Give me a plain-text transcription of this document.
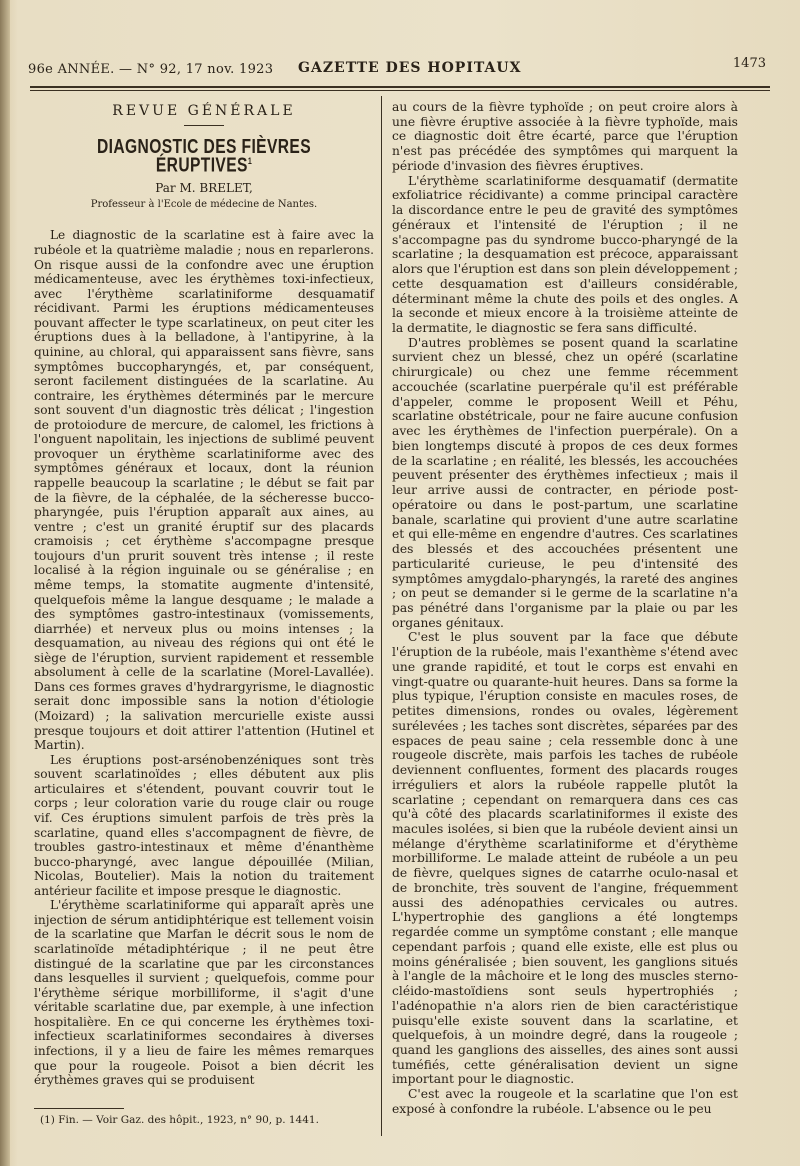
96e ANNÉE. — N° 92, 17 nov. 1923 GAZETTE DES HOPITAUX	1473
REVUE GÉNÉRALE
DIAGNOSTIC DES FIÈVRES ÉRUPTIVES$^1$
Par M. BRELET,
Professeur à l'Ecole de médecine de Nantes.

Le diagnostic de la scarlatine est à faire avec la rubéole et la quatrième maladie ; nous en reparlerons. On risque aussi de la confondre avec une éruption médicamenteuse, avec les érythèmes toxi-infectieux, avec l'érythème scarlatiniforme desquamatif récidivant. Parmi les éruptions médicamenteuses pouvant affecter le type scarlatineux, on peut citer les éruptions dues à la belladone, à l'antipyrine, à la quinine, au chloral, qui apparaissent sans fièvre, sans symptômes buccopharyngés, et, par conséquent, seront facilement distinguées de la scarlatine. Au contraire, les érythèmes déterminés par le mercure sont souvent d'un diagnostic très délicat ; l'ingestion de protoiodure de mercure, de calomel, les frictions à l'onguent napolitain, les injections de sublimé peuvent provoquer un érythème scarlatiniforme avec des symptômes généraux et locaux, dont la réunion rappelle beaucoup la scarlatine ; le début se fait par de la fièvre, de la céphalée, de la sécheresse bucco-pharyngée, puis l'éruption apparaît aux aines, au ventre ; c'est un granité éruptif sur des placards cramoisis ; cet érythème s'accompagne presque toujours d'un prurit souvent très intense ; il reste localisé à la région inguinale ou se généralise ; en même temps, la stomatite augmente d'intensité, quelquefois même la langue desquame ; le malade a des symptômes gastro-intestinaux (vomissements, diarrhée) et nerveux plus ou moins intenses ; la desquamation, au niveau des régions qui ont été le siège de l'éruption, survient rapidement et ressemble absolument à celle de la scarlatine (Morel-Lavallée). Dans ces formes graves d'hydrargyrisme, le diagnostic serait donc impossible sans la notion d'étiologie (Moizard) ; la salivation mercurielle existe aussi presque toujours et doit attirer l'attention (Hutinel et Martin).

Les éruptions post-arsénobenzéniques sont très souvent scarlatinoïdes ; elles débutent aux plis articulaires et s'étendent, pouvant couvrir tout le corps ; leur coloration varie du rouge clair ou rouge vif. Ces éruptions simulent parfois de très près la scarlatine, quand elles s'accompagnent de fièvre, de troubles gastro-intestinaux et même d'énanthème bucco-pharyngé, avec langue dépouillée (Milian, Nicolas, Boutelier). Mais la notion du traitement antérieur facilite et impose presque le diagnostic.

L'érythème scarlatiniforme qui apparaît après une injection de sérum antidiphtérique est tellement voisin de la scarlatine que Marfan le décrit sous le nom de scarlatinoïde métadiphtérique ; il ne peut être distingué de la scarlatine que par les circonstances dans lesquelles il survient ; quelquefois, comme pour l'érythème sérique morbilliforme, il s'agit d'une véritable scarlatine due, par exemple, à une infection hospitalière. En ce qui concerne les érythèmes toxi-infectieux scarlatiniformes secondaires à diverses infections, il y a lieu de faire les mêmes remarques que pour la rougeole. Poisot a bien décrit les érythèmes graves qui se produisent

au cours de la fièvre typhoïde ; on peut croire alors à une fièvre éruptive associée à la fièvre typhoïde, mais ce diagnostic doit être écarté, parce que l'éruption n'est pas précédée des symptômes qui marquent la période d'invasion des fièvres éruptives.

L'érythème scarlatiniforme desquamatif (dermatite exfoliatrice récidivante) a comme principal caractère la discordance entre le peu de gravité des symptômes généraux et l'intensité de l'éruption ; il ne s'accompagne pas du syndrome bucco-pharyngé de la scarlatine ; la desquamation est précoce, apparaissant alors que l'éruption est dans son plein développement ; cette desquamation est d'ailleurs considérable, déterminant même la chute des poils et des ongles. A la seconde et mieux encore à la troisième atteinte de la dermatite, le diagnostic se fera sans difficulté.

D'autres problèmes se posent quand la scarlatine survient chez un blessé, chez un opéré (scarlatine chirurgicale) ou chez une femme récemment accouchée (scarlatine puerpérale qu'il est préférable d'appeler, comme le proposent Weill et Péhu, scarlatine obstétricale, pour ne faire aucune confusion avec les érythèmes de l'infection puerpérale). On a bien longtemps discuté à propos de ces deux formes de la scarlatine ; en réalité, les blessés, les accouchées peuvent présenter des érythèmes infectieux ; mais il leur arrive aussi de contracter, en période post-opératoire ou dans le post-partum, une scarlatine banale, scarlatine qui provient d'une autre scarlatine et qui elle-même en engendre d'autres. Ces scarlatines des blessés et des accouchées présentent une particularité curieuse, le peu d'intensité des symptômes amygdalo-pharyngés, la rareté des angines ; on peut se demander si le germe de la scarlatine n'a pas pénétré dans l'organisme par la plaie ou par les organes génitaux.

C'est le plus souvent par la face que débute l'éruption de la rubéole, mais l'exanthème s'étend avec une grande rapidité, et tout le corps est envahi en vingt-quatre ou quarante-huit heures. Dans sa forme la plus typique, l'éruption consiste en macules roses, de petites dimensions, rondes ou ovales, légèrement surélevées ; les taches sont discrètes, séparées par des espaces de peau saine ; cela ressemble donc à une rougeole discrète, mais parfois les taches de rubéole deviennent confluentes, forment des placards rouges irréguliers et alors la rubéole rappelle plutôt la scarlatine ; cependant on remarquera dans ces cas qu'à côté des placards scarlatiniformes il existe des macules isolées, si bien que la rubéole devient ainsi un mélange d'érythème scarlatiniforme et d'érythème morbilliforme. Le malade atteint de rubéole a un peu de fièvre, quelques signes de catarrhe oculo-nasal et de bronchite, très souvent de l'angine, fréquemment aussi des adénopathies cervicales ou autres. L'hypertrophie des ganglions a été longtemps regardée comme un symptôme constant ; elle manque cependant parfois ; quand elle existe, elle est plus ou moins généralisée ; bien souvent, les ganglions situés à l'angle de la mâchoire et le long des muscles sterno-cléido-mastoïdiens sont seuls hypertrophiés ; l'adénopathie n'a alors rien de bien caractéristique puisqu'elle existe souvent dans la scarlatine, et quelquefois, à un moindre degré, dans la rougeole ; quand les ganglions des aisselles, des aines sont aussi tuméfiés, cette généralisation devient un signe important pour le diagnostic.

C'est avec la rougeole et la scarlatine que l'on est exposé à confondre la rubéole. L'absence ou le peu

(1) Fin. — Voir Gaz. des hôpit., 1923, n° 90, p. 1441.
